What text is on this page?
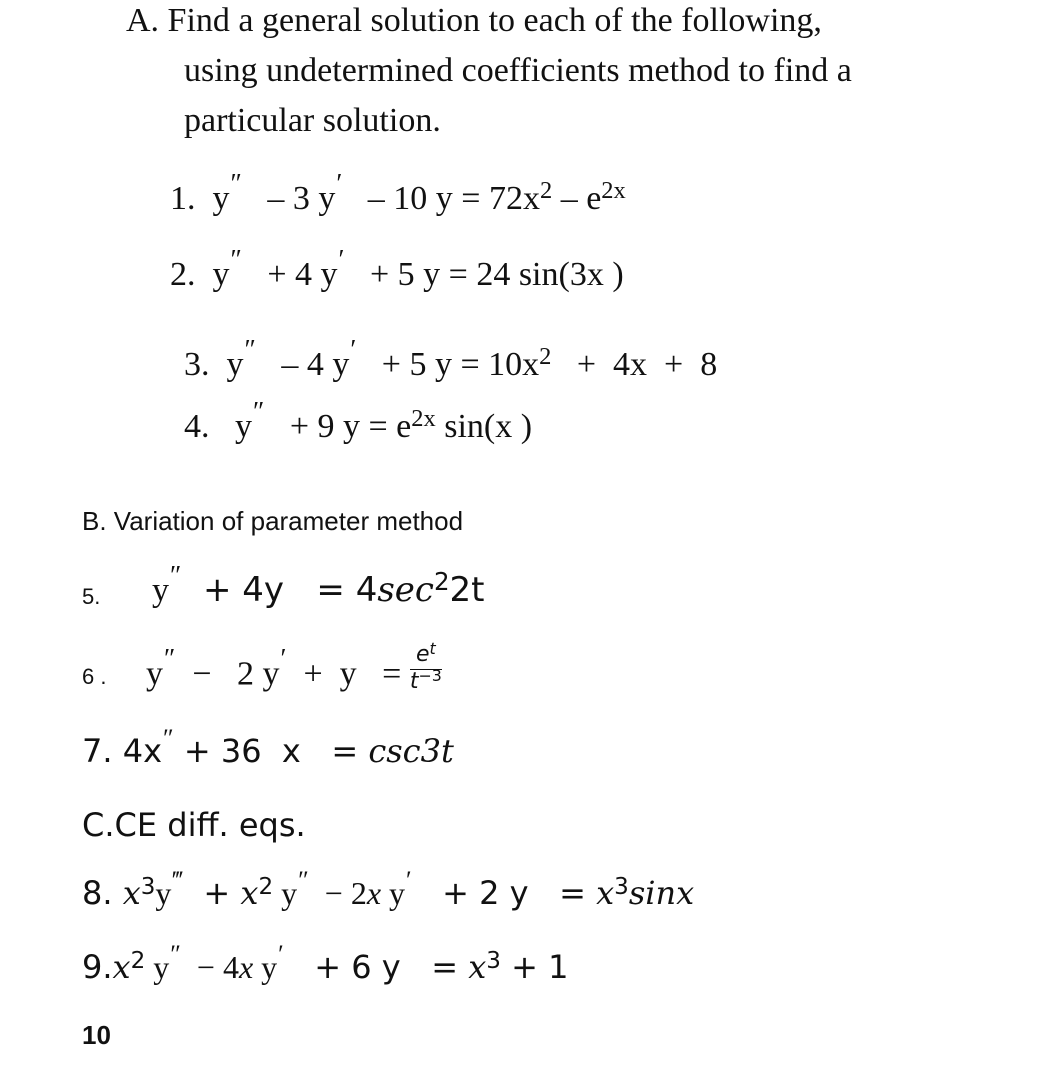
A. Find a general solution to each of the following,
using undetermined coefficients method to find a
particular solution.
1. y″ – 3 y′ – 10 $y = 72x^2 - e^{2x}$
2. y″ + 4 y′ + 5 y = 24 sin(3x )
3. y″ – 4 y′ + 5 $y = 10x^2 + 4x + 8$
4. y″ + 9 $y = e^{2x}$ sin(x )
B. Variation of parameter method
5. $y'' + 4y = 4\sec^22t$
6 . y″  −   2 $y' + y = \frac{e^t}{t^{-3}}$
7. 4x″ + 36  x   = csc3t
C.CE diff. eqs.
8. $x^3y^‴ + x^2$ y″  − 2x y′   + 2 $y = x^3\sin x$
$9.x^2$ y″  − 4x y′   + 6 $y = x^3 + 1$
10
